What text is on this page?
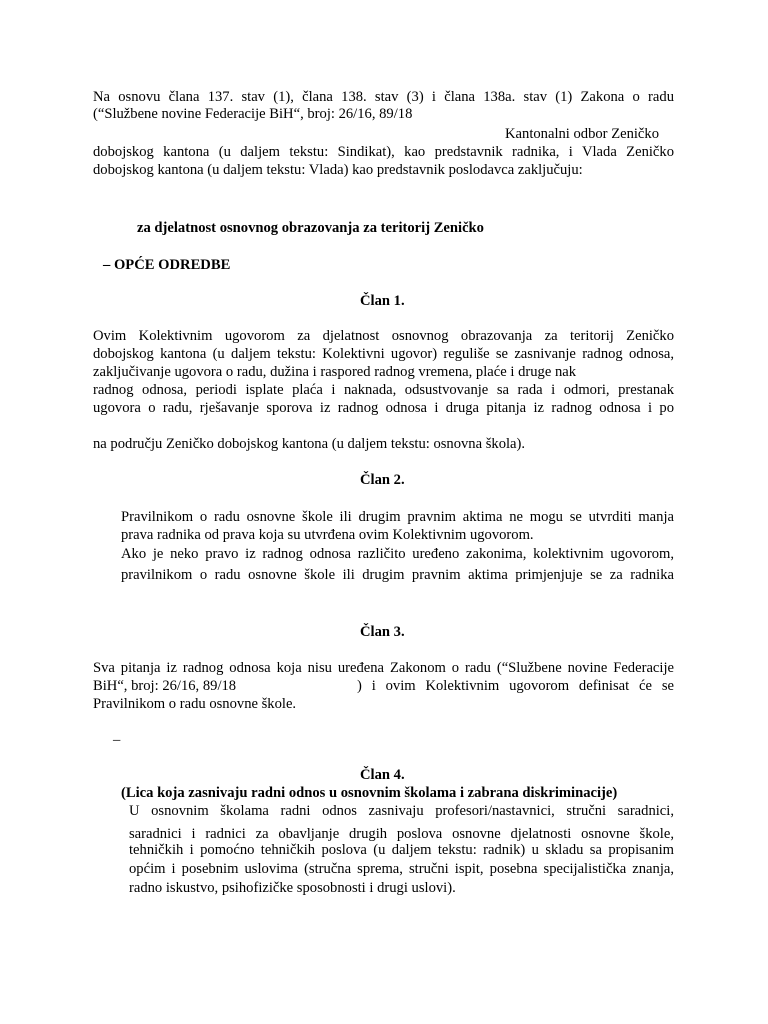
Na osnovu člana 137. stav (1), člana 138. stav (3) i člana 138a. stav (1) Zakona o radu
(“Službene novine Federacije BiH“, broj: 26/16, 89/18
Kantonalni odbor Zeničko
dobojskog kantona (u daljem tekstu: Sindikat), kao predstavnik radnika, i Vlada Zeničko
dobojskog kantona (u daljem tekstu: Vlada) kao predstavnik poslodavca zaključuju:
za djelatnost osnovnog obrazovanja za teritorij Zeničko
– OPĆE ODREDBE
Član 1.
Ovim Kolektivnim ugovorom za djelatnost osnovnog obrazovanja za teritorij Zeničko
dobojskog kantona (u daljem tekstu: Kolektivni ugovor) reguliše se zasnivanje radnog odnosa,
zaključivanje ugovora o radu, dužina i raspored radnog vremena, plaće i druge nak
radnog odnosa, periodi isplate plaća i naknada, odsustvovanje sa rada i odmori, prestanak
ugovora o radu, rješavanje sporova iz radnog odnosa i druga pitanja iz radnog odnosa i po
na području Zeničko dobojskog kantona (u daljem tekstu: osnovna škola).
Član 2.
Pravilnikom o radu osnovne škole ili drugim pravnim aktima ne mogu se utvrditi manja
prava radnika od prava koja su utvrđena ovim Kolektivnim ugovorom.
Ako je neko pravo iz radnog odnosa različito uređeno zakonima, kolektivnim ugovorom,
pravilnikom o radu osnovne škole ili drugim pravnim aktima primjenjuje se za radnika
Član 3.
Sva pitanja iz radnog odnosa koja nisu uređena Zakonom o radu (“Službene novine Federacije
BiH“, broj: 26/16, 89/18	) i ovim Kolektivnim ugovorom definisat će se
Pravilnikom o radu osnovne škole.
–
Član 4.
(Lica koja zasnivaju radni odnos u osnovnim školama i zabrana diskriminacije)
U osnovnim školama radni odnos zasnivaju profesori/nastavnici, stručni saradnici,
saradnici i radnici za obavljanje drugih poslova osnovne djelatnosti osnovne škole,
tehničkih i pomoćno tehničkih poslova (u daljem tekstu: radnik) u skladu sa propisanim
općim i posebnim uslovima (stručna sprema, stručni ispit, posebna specijalistička znanja,
radno iskustvo, psihofizičke sposobnosti i drugi uslovi).
